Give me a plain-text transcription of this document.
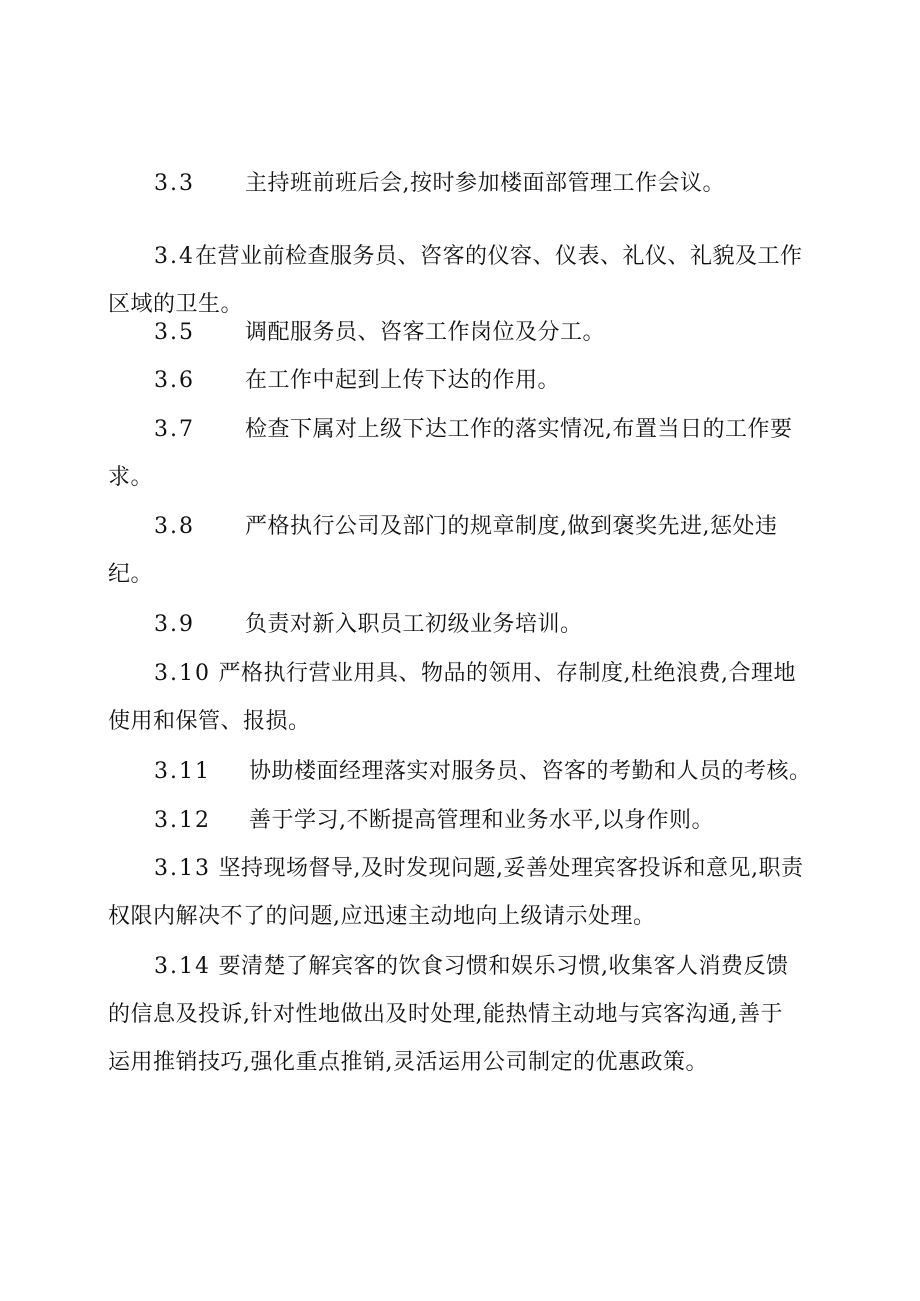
3.3 主持班前班后会,按时参加楼面部管理工作会议。

3.4在营业前检查服务员、咨客的仪容、仪表、礼仪、礼貌及工作
区域的卫生。

3.5 调配服务员、咨客工作岗位及分工。

3.6 在工作中起到上传下达的作用。

3.7 检查下属对上级下达工作的落实情况,布置当日的工作要
求。

3.8 严格执行公司及部门的规章制度,做到褒奖先进,惩处违
纪。

3.9 负责对新入职员工初级业务培训。

3.10 严格执行营业用具、物品的领用、存制度,杜绝浪费,合理地
使用和保管、报损。

3.11 协助楼面经理落实对服务员、咨客的考勤和人员的考核。

3.12 善于学习,不断提高管理和业务水平,以身作则。

3.13 坚持现场督导,及时发现问题,妥善处理宾客投诉和意见,职责
权限内解决不了的问题,应迅速主动地向上级请示处理。

3.14 要清楚了解宾客的饮食习惯和娱乐习惯,收集客人消费反馈
的信息及投诉,针对性地做出及时处理,能热情主动地与宾客沟通,善于
运用推销技巧,强化重点推销,灵活运用公司制定的优惠政策。
